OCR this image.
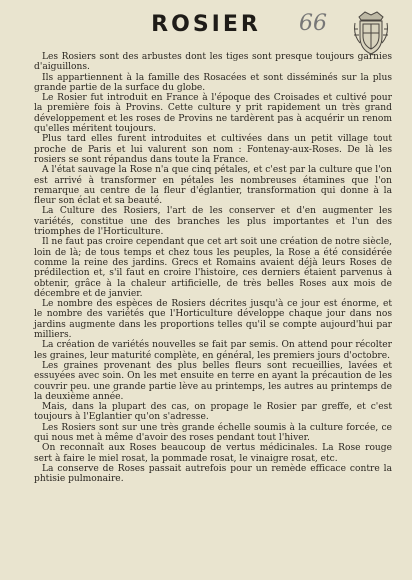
ROSIER	66

Les Rosiers sont des arbustes dont les tiges sont presque toujours garnies d'aiguillons.

Ils appartiennent à la famille des Rosacées et sont disséminés sur la plus grande partie de la surface du globe.

Le Rosier fut introduit en France à l'époque des Croisades et cultivé pour la première fois à Provins. Cette culture y prit rapidement un très grand développement et les roses de Provins ne tardèrent pas à acquérir un renom qu'elles méritent toujours.

Plus tard elles furent introduites et cultivées dans un petit village tout proche de Paris et lui valurent son nom : Fontenay-aux-Roses. De là les rosiers se sont répandus dans toute la France.

A l'état sauvage la Rose n'a que cinq pétales, et c'est par la culture que l'on est arrivé à transformer en pétales les nombreuses étamines que l'on remarque au centre de la fleur d'églantier, transformation qui donne à la fleur son éclat et sa beauté.

La Culture des Rosiers, l'art de les conserver et d'en augmenter les variétés, constitue une des branches les plus importantes et l'un des triomphes de l'Horticulture.

Il ne faut pas croire cependant que cet art soit une création de notre siècle, loin de là; de tous temps et chez tous les peuples, la Rose a été considérée comme la reine des jardins. Grecs et Romains avaient déjà leurs Roses de prédilection et, s'il faut en croire l'histoire, ces derniers étaient parvenus à obtenir, grâce à la chaleur artificielle, de très belles Roses aux mois de décembre et de janvier.

Le nombre des espèces de Rosiers décrites jusqu'à ce jour est énorme, et le nombre des variétés que l'Horticulture développe chaque jour dans nos jardins augmente dans les proportions telles qu'il se compte aujourd'hui par milliers.

La création de variétés nouvelles se fait par semis. On attend pour récolter les graines, leur maturité complète, en général, les premiers jours d'octobre.

Les graines provenant des plus belles fleurs sont recueillies, lavées et essuyées avec soin. On les met ensuite en terre en ayant la précaution de les couvrir peu. une grande partie lève au printemps, les autres au printemps de la deuxième année.

Mais, dans la plupart des cas, on propage le Rosier par greffe, et c'est toujours à l'Eglantier qu'on s'adresse.

Les Rosiers sont sur une très grande échelle soumis à la culture forcée, ce qui nous met à même d'avoir des roses pendant tout l'hiver.

On reconnaît aux Roses beaucoup de vertus médicinales. La Rose rouge sert à faire le miel rosat, la pommade rosat, le vinaigre rosat, etc.

La conserve de Roses passait autrefois pour un remède efficace contre la phtisie pulmonaire.
